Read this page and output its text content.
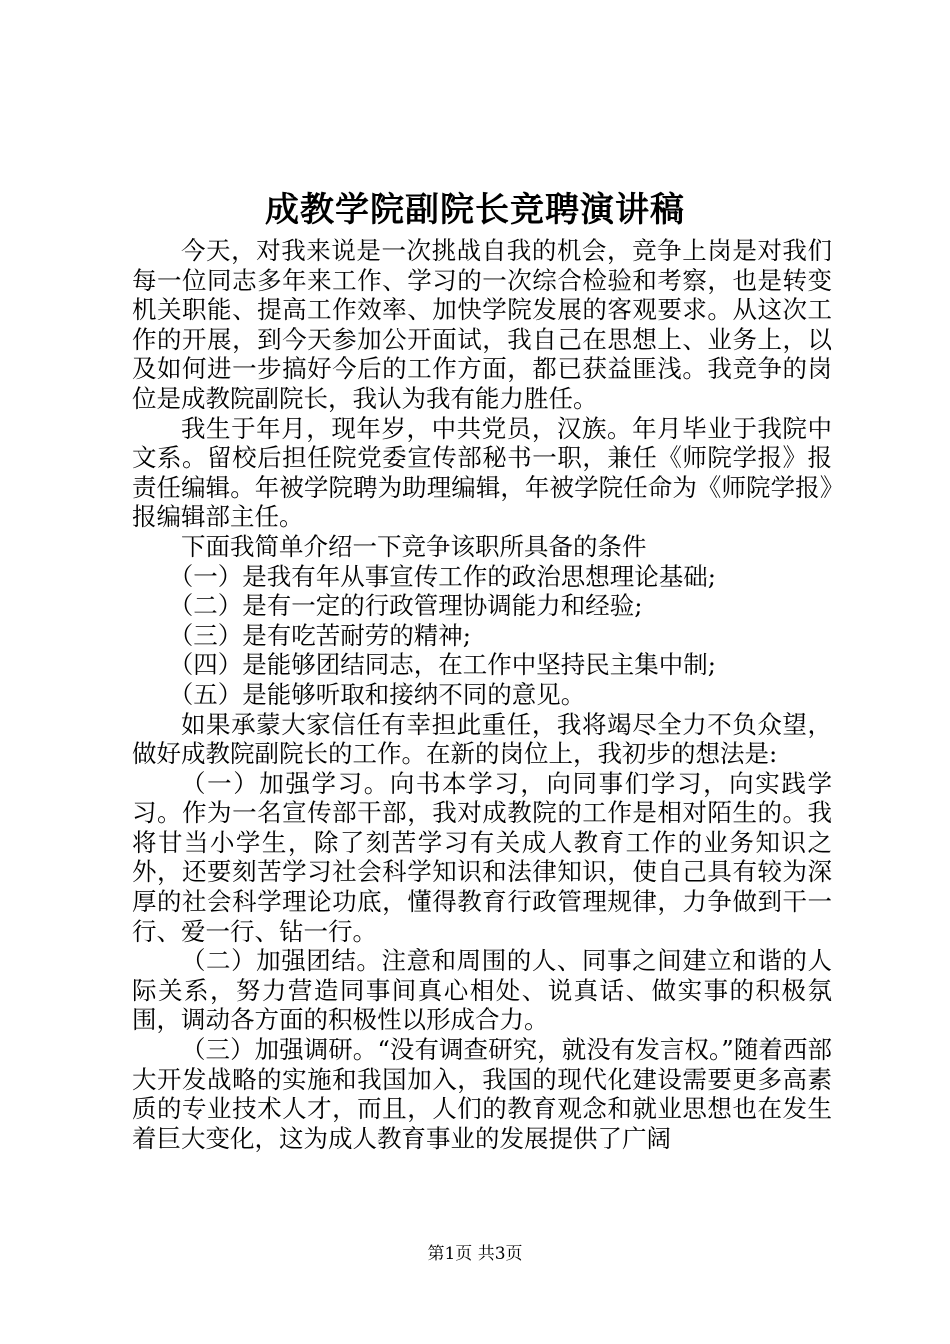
成教学院副院长竞聘演讲稿

今天，对我来说是一次挑战自我的机会，竞争上岗是对我们每一位同志多年来工作、学习的一次综合检验和考察，也是转变机关职能、提高工作效率、加快学院发展的客观要求。从这次工作的开展，到今天参加公开面试，我自己在思想上、业务上，以及如何进一步搞好今后的工作方面，都已获益匪浅。我竞争的岗位是成教院副院长，我认为我有能力胜任。

我生于年月，现年岁，中共党员，汉族。年月毕业于我院中文系。留校后担任院党委宣传部秘书一职，兼任《师院学报》报责任编辑。年被学院聘为助理编辑，年被学院任命为《师院学报》报编辑部主任。

下面我简单介绍一下竞争该职所具备的条件

（一）是我有年从事宣传工作的政治思想理论基础;

（二）是有一定的行政管理协调能力和经验;

（三）是有吃苦耐劳的精神;

（四）是能够团结同志，在工作中坚持民主集中制;

（五）是能够听取和接纳不同的意见。

如果承蒙大家信任有幸担此重任，我将竭尽全力不负众望，做好成教院副院长的工作。在新的岗位上，我初步的想法是:

（一）加强学习。向书本学习，向同事们学习，向实践学习。作为一名宣传部干部，我对成教院的工作是相对陌生的。我将甘当小学生，除了刻苦学习有关成人教育工作的业务知识之外，还要刻苦学习社会科学知识和法律知识，使自己具有较为深厚的社会科学理论功底，懂得教育行政管理规律，力争做到干一行、爱一行、钻一行。

（二）加强团结。注意和周围的人、同事之间建立和谐的人际关系，努力营造同事间真心相处、说真话、做实事的积极氛围，调动各方面的积极性以形成合力。

（三）加强调研。“没有调查研究，就没有发言权。”随着西部大开发战略的实施和我国加入，我国的现代化建设需要更多高素质的专业技术人才，而且，人们的教育观念和就业思想也在发生着巨大变化，这为成人教育事业的发展提供了广阔

第1页 共3页
